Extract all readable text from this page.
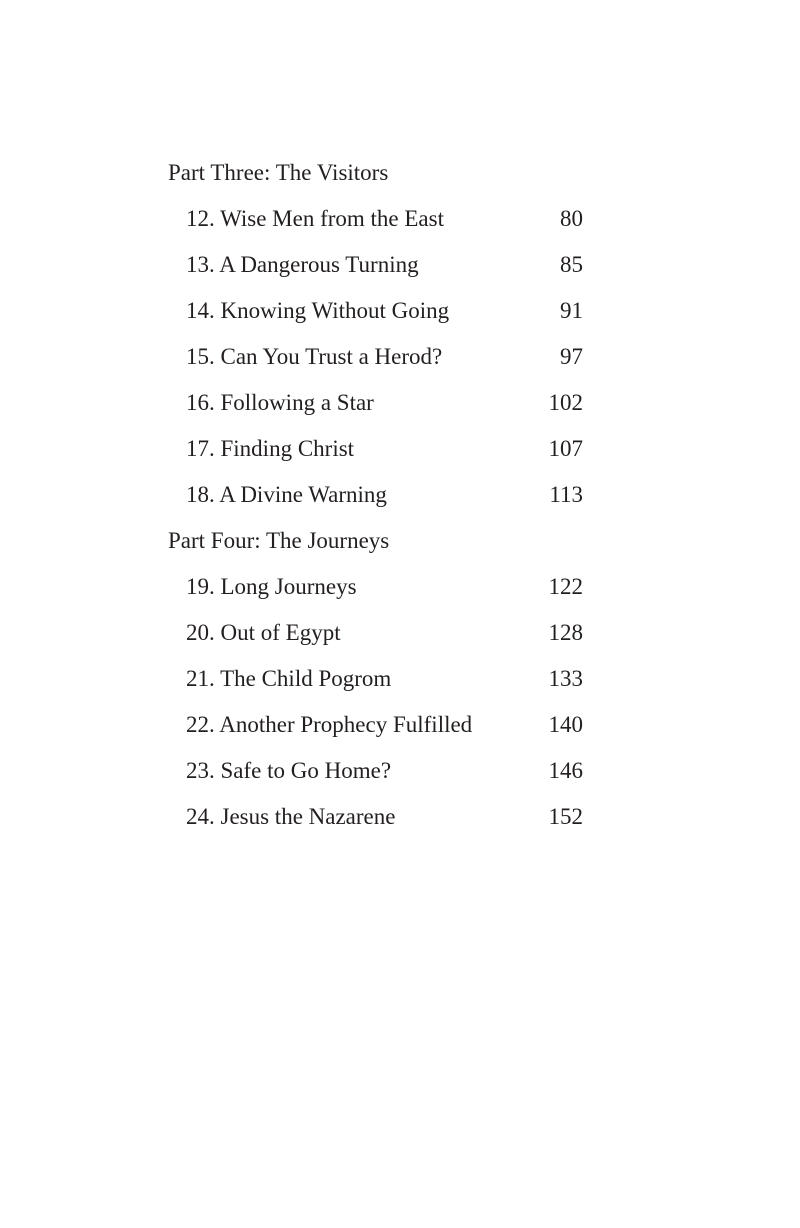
Part Three: The Visitors
12. Wise Men from the East	80
13. A Dangerous Turning	85
14. Knowing Without Going	91
15. Can You Trust a Herod?	97
16. Following a Star	102
17. Finding Christ	107
18. A Divine Warning	113
Part Four: The Journeys
19. Long Journeys	122
20. Out of Egypt	128
21. The Child Pogrom	133
22. Another Prophecy Fulfilled	140
23. Safe to Go Home?	146
24. Jesus the Nazarene	152
